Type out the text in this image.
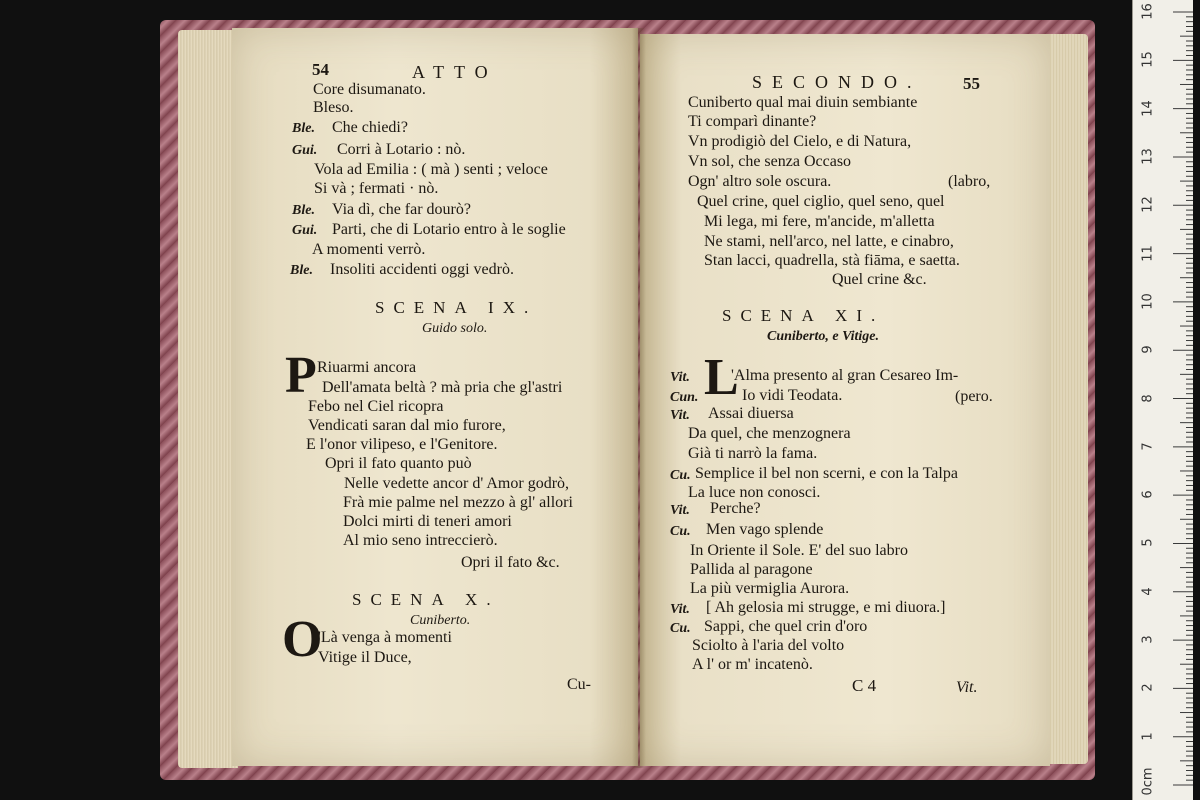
54	ATTO
Core disumanato.
Bleso.
Ble. Che chiedi?
Gui. Corri à Lotario : nò.
Vola ad Emilia : ( mà ) senti ; veloce
Si và ; fermati · nò.
Ble. Via dì, che far dourò?
Gui. Parti, che di Lotario entro à le soglie
A momenti verrò.
Ble. Insoliti accidenti oggi vedrò.
SCENA IX.
Guido solo.
P Riuarmi ancora
Dell'amata beltà ? mà pria che gl'astri
Febo nel Ciel ricopra
Vendicati saran dal mio furore,
E l'onor vilipeso, e l'Genitore.
Opri il fato quanto può
Nelle vedette ancor d' Amor godrò,
Frà mie palme nel mezzo à gl' allori
Dolci mirti di teneri amori
Al mio seno intreccierò.
Opri il fato &c.
SCENA X.
Cuniberto.
O
'Là venga à momenti
Vitige il Duce,
Cu-
SECONDO. 55
Cuniberto qual mai diuin sembiante
Ti comparì dinante?
Vn prodigiò del Cielo, e di Natura,
Vn sol, che senza Occaso
Ogn' altro sole oscura.	(labro,
Quel crine, quel ciglio, quel seno, quel
Mi lega, mi fere, m'ancide, m'alletta
Ne stami, nell'arco, nel latte, e cinabro,
Stan lacci, quadrella, stà fiāma, e saetta.
Quel crine &c.
SCENA XI.
Cuniberto, e Vitige.
Vit. L
'Alma presento al gran Cesareo Im-
Cun.	Io vidi Teodata.	(pero.
Vit. Assai diuersa
Da quel, che menzognera
Già ti narrò la fama.
Cu. Semplice il bel non scerni, e con la Talpa
La luce non conosci.
Vit. Perche?
Cu. Men vago splende
In Oriente il Sole. E' del suo labro
Pallida al paragone
La più vermiglia Aurora.
Vit. [ Ah gelosia mi strugge, e mi diuora.]
Cu. Sappi, che quel crin d'oro
Sciolto à l'aria del volto
A l' or m' incatenò.
C 4	Vit.
16
15
14
13
12
11
10
9
8
7
6
5
4
3
2
1
0cm
